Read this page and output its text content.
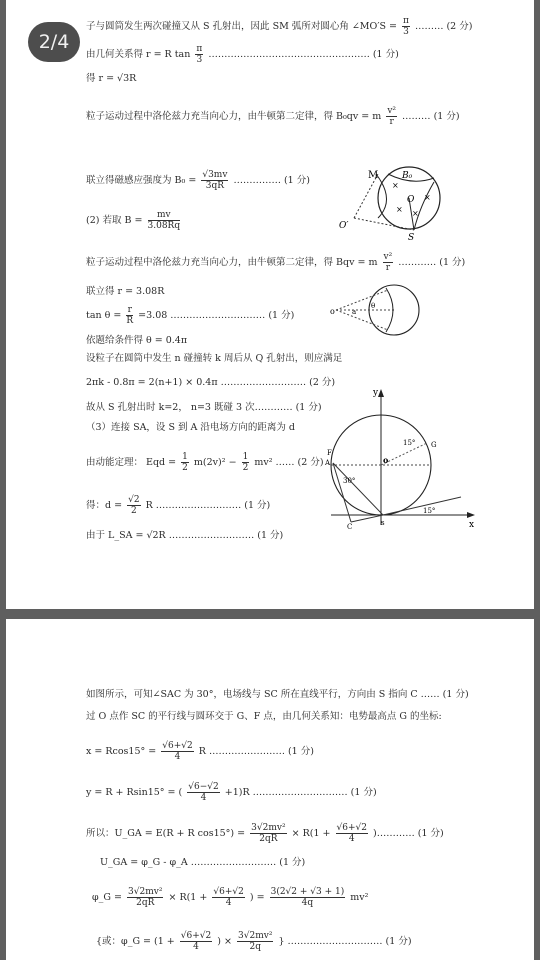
子与圆筒发生两次碰撞又从 S 孔射出，因此 SM 弧所对圆心角 ∠MO′S = $\frac{\pi}{3}$ ……… (2 分)
由几何关系得 r = R $\tan \frac{\pi}{3}$ …………………………………………… (1 分)
得 r = √3R
粒子运动过程中洛伦兹力充当向心力，由牛顿第二定律，得 B₀qv = m $\frac{\text{v²}}{r}$ ……… (1 分)
联立得磁感应强度为 $B_0 = \frac{√3mv}{3qR}$ …………… (1 分)
(2) 若取 $B = \frac{mv}{3.08Rq}$
粒子运动过程中洛伦兹力充当向心力，由牛顿第二定律，得 Bqv = m $\frac{\text{v²}}{r}$ ………… (1 分)
联立得 r = 3.08R
$\tan \theta = \frac{r}{R} =3.08$ ………………………… (1 分)
依题给条件得 θ = 0.4π
设粒子在圆筒中发生 n 碰撞转 k 周后从 Q 孔射出，则应满足
2πk - 0.8π = 2(n+1) × 0.4π ……………………… (2 分)
故从 S 孔射出时 k=2， n=3 既碰 3 次………… (1 分)
（3）连接 SA，设 S 到 A 沿电场方向的距离为 d
由动能定理： Eqd = $\frac{1}{2} m(2v)^2 - \frac{1}{2} mv^2$ …… (2 分)
得：$d = \frac{√2}{2}$ R ……………………… (1 分)
由于 L_SA = √2R ……………………… (1 分)
×
×
×
×
M	B₀
O
O′
S
o a
θ
y
x
s
o
A
C
30°
15°
G
15°
F
2/4
如图所示，可知∠SAC 为 30°，电场线与 SC 所在直线平行，方向由 S 指向 C …… (1 分)
过 O 点作 SC 的平行线与圆环交于 G、F 点，由几何关系知：电势最高点 G 的坐标:
$x = Rcos15^\circ = \frac{√6+√2}{4}$ R …………………… (1 分)
y = R + Rsin15° = ( $\frac{√6-√2}{4} +1)R$ ………………………… (1 分)
所以：U_GA = E(R + R $\cos 15^\circ) = \frac{\text{3√2mv²}}{2qR} \times R(1 + \frac{√6+√2}{4}$ )………… (1 分)
U_GA = φ_G - φ_A ……………………… (1 分)
φ_G = $\frac{\text{3√2mv²}}{2qR} \times R(1 + \frac{√6+√2}{4}$ ) = $\frac{3(2√2 + √3 + 1)}{4q} mv^2$
{或：φ_G = ($1 + \frac{√6+√2}{4}$ ) × $\frac{\text{3√2mv²}}{2q}$ } ………………………… (1 分)
